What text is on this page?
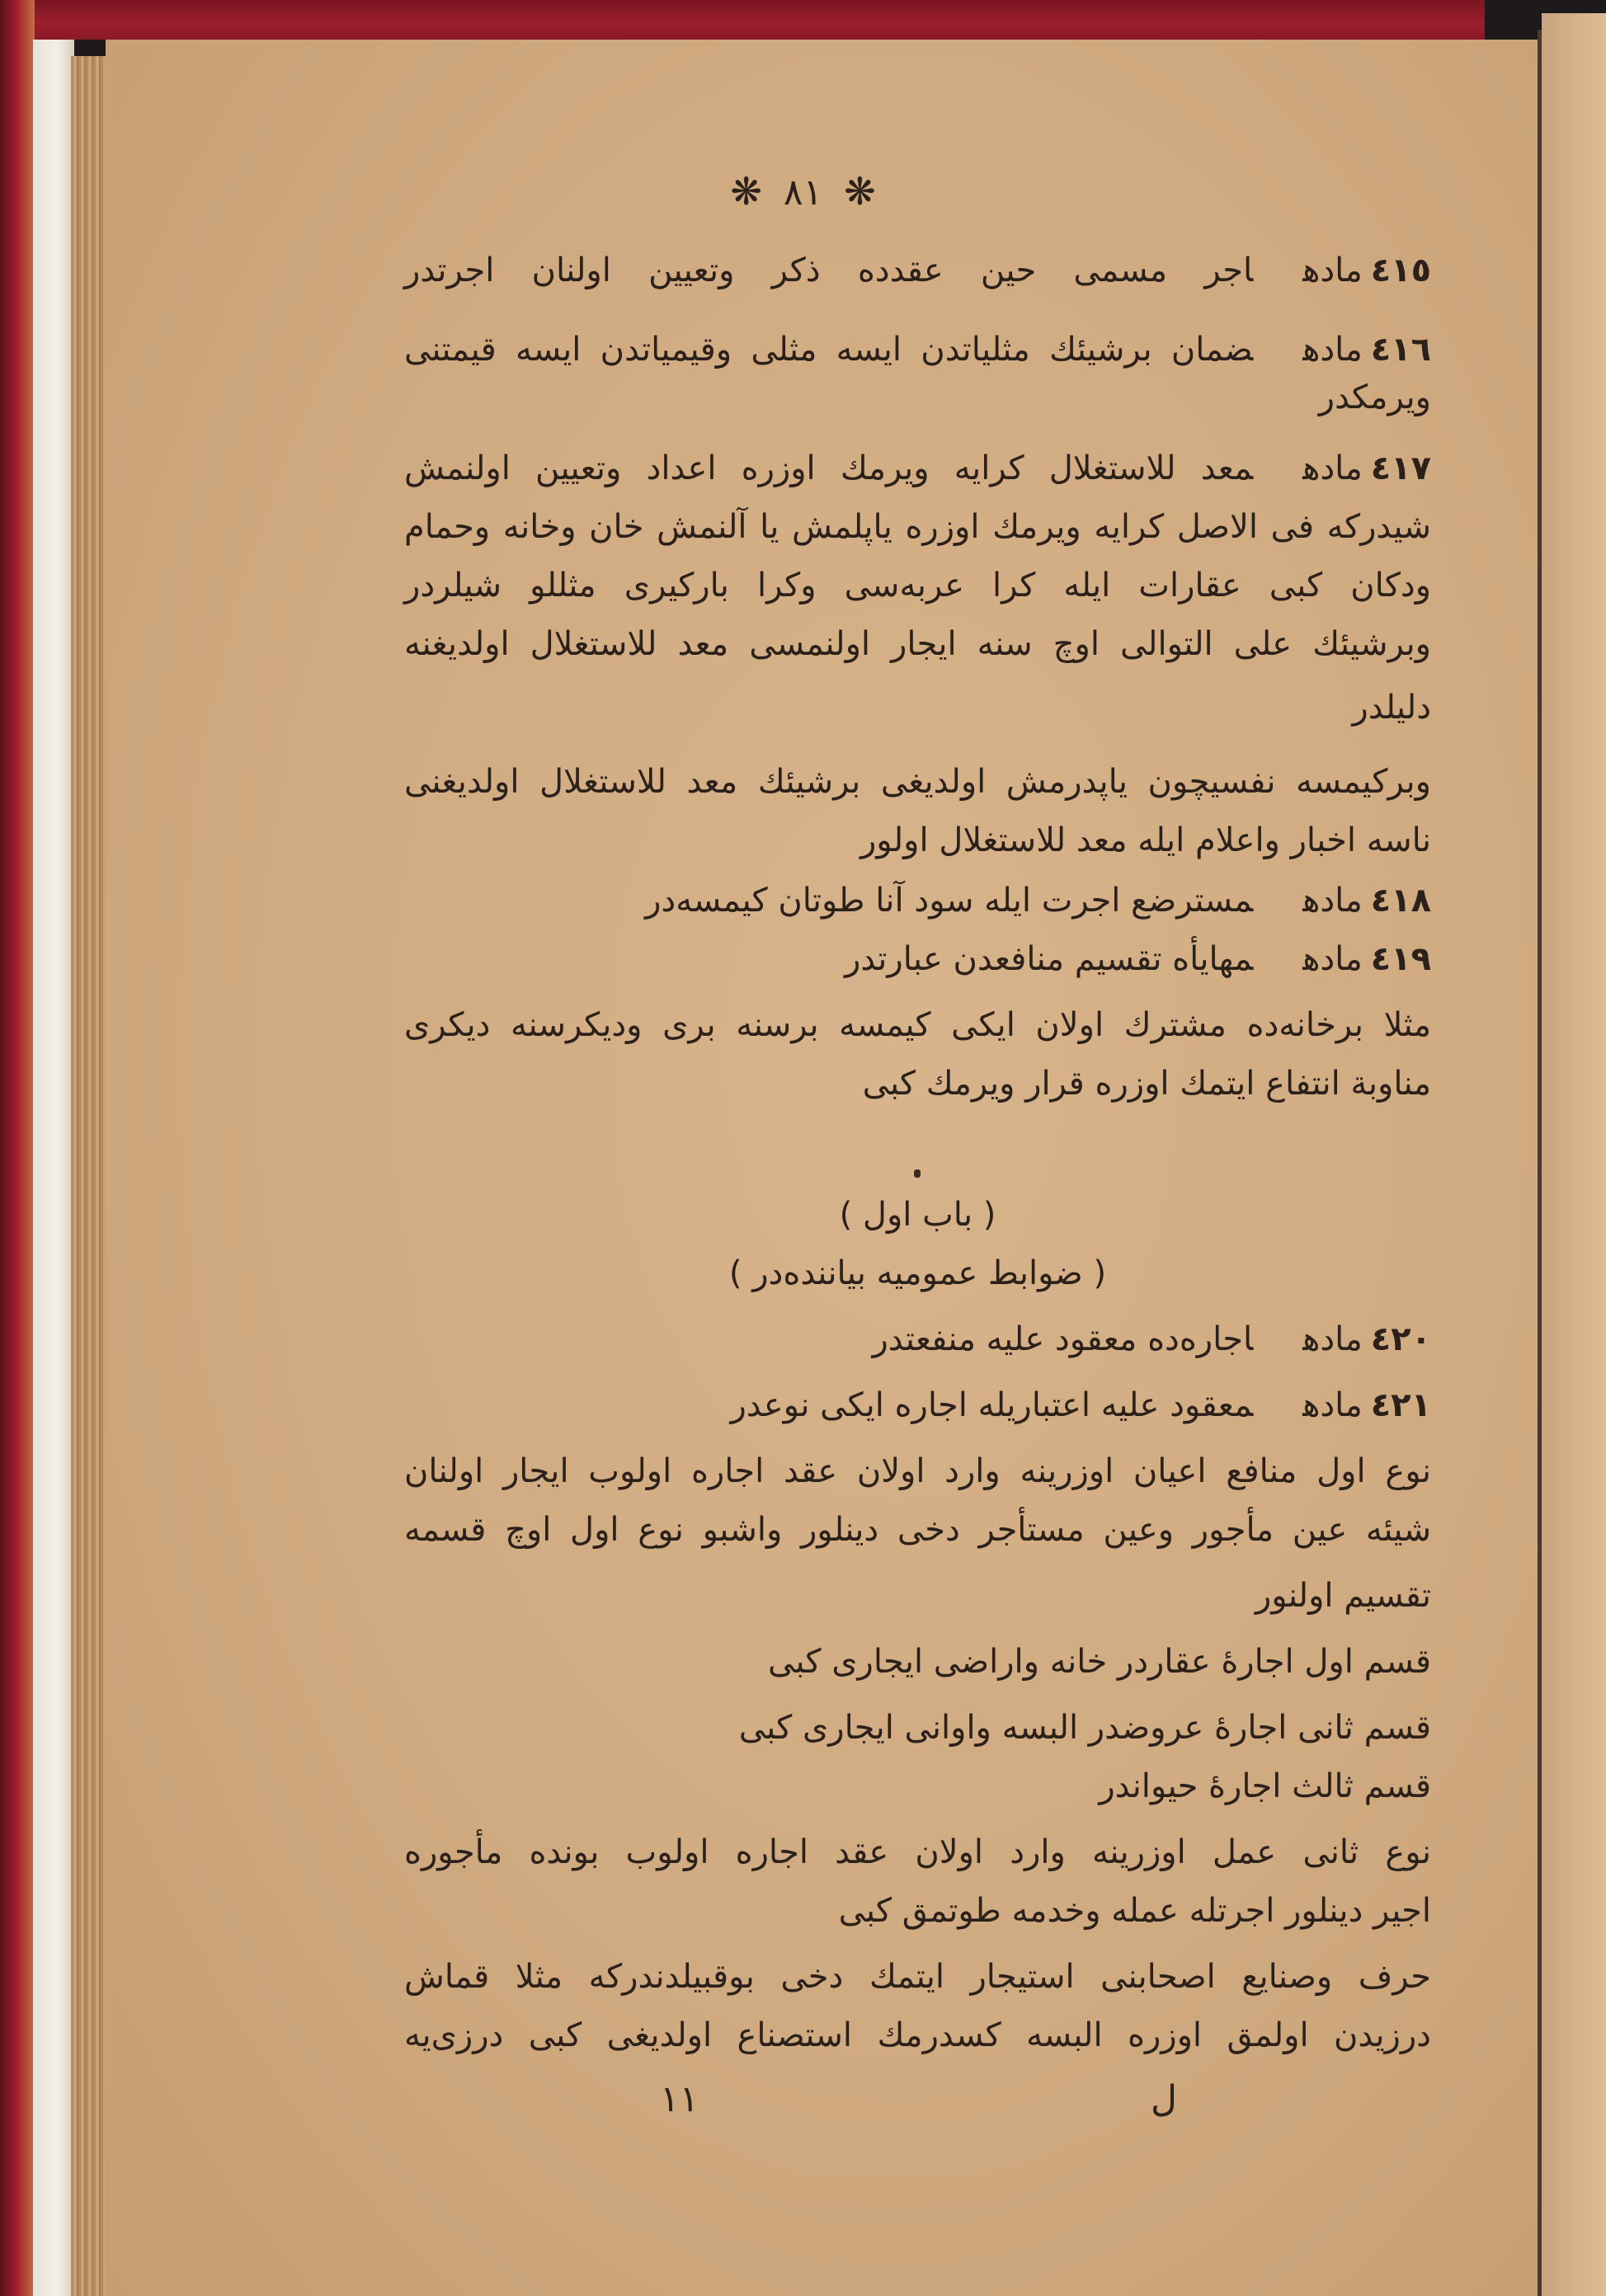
❋٨١❋
٤١٥مادهاجر مسمی حین عقدده ذکر وتعیین اولنان اجرتدر
٤١٦مادهضمان برشیئك مثلیاتدن ایسه مثلی وقیمیاتدن ایسه قیمتنی
ویرمکدر
٤١٧مادهمعد للاستغلال کرایه ویرمك اوزره اعداد وتعیین اولنمش
شیدرکه فی الاصل کرایه ویرمك اوزره یاپلمش یا آلنمش خان وخانه وحمام
ودکان کبی عقارات ایله کرا عربه‌سی وکرا بارکیری مثللو شیلردر
وبرشیئك علی التوالی اوچ سنه ایجار اولنمسی معد للاستغلال اولدیغنه
دلیلدر
وبرکیمسه نفسیچون یاپدرمش اولدیغی برشیئك معد للاستغلال اولدیغنی
ناسه اخبار واعلام ایله معد للاستغلال اولور
٤١٨مادهمسترضع اجرت ایله سود آنا طوتان کیمسه‌در
٤١٩مادهمهایأه تقسیم منافعدن عبارتدر
مثلا برخانه‌ده مشترك اولان ایکی کیمسه برسنه بری ودیکرسنه دیکری
مناوبة انتفاع ایتمك اوزره قرار ویرمك کبی
( باب اول )
( ضوابط عمومیه بیاننده‌در )
٤٢٠مادهاجاره‌ده معقود علیه منفعتدر
٤٢١مادهمعقود علیه اعتباریله اجاره ایکی نوعدر
نوع اول منافع اعیان اوزرینه وارد اولان عقد اجاره اولوب ایجار اولنان
شیئه عین مأجور وعین مستأجر دخی دینلور واشبو نوع اول اوچ قسمه
تقسیم اولنور
قسم اول اجارۀ عقاردر خانه واراضی ایجاری کبی
قسم ثانی اجارۀ عروضدر البسه واوانی ایجاری کبی
قسم ثالث اجارۀ حیواندر
نوع ثانی عمل اوزرینه وارد اولان عقد اجاره اولوب بونده مأجوره
اجیر دینلور اجرتله عمله وخدمه طوتمق کبی
حرف وصنایع اصحابنی استیجار ایتمك دخی بوقبیلدندرکه مثلا قماش
درزیدن اولمق اوزره البسه کسدرمك استصناع اولدیغی کبی درزی‌یه
١١	ل
